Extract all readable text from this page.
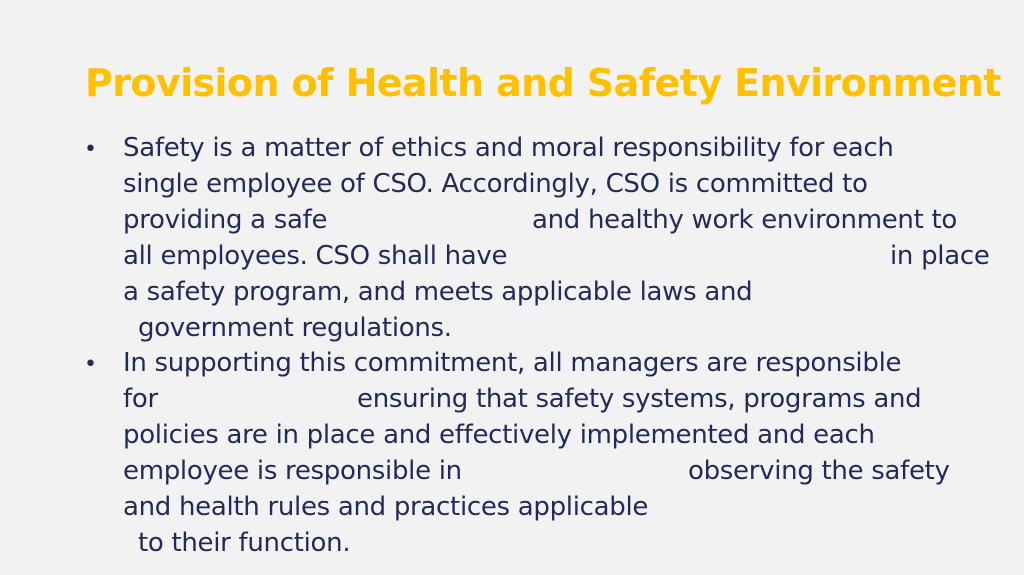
Provision of Health and Safety Environment
• Safety is a matter of ethics and moral responsibility for each

single employee of CSO. Accordingly, CSO is committed to

providing a safe	and healthy work environment to

all employees. CSO shall have	in place

a safety program, and meets applicable laws and

government regulations.

• In supporting this commitment, all managers are responsible

for	ensuring that safety systems, programs and

policies are in place and effectively implemented and each

employee is responsible in	observing the safety

and health rules and practices applicable

to their function.
